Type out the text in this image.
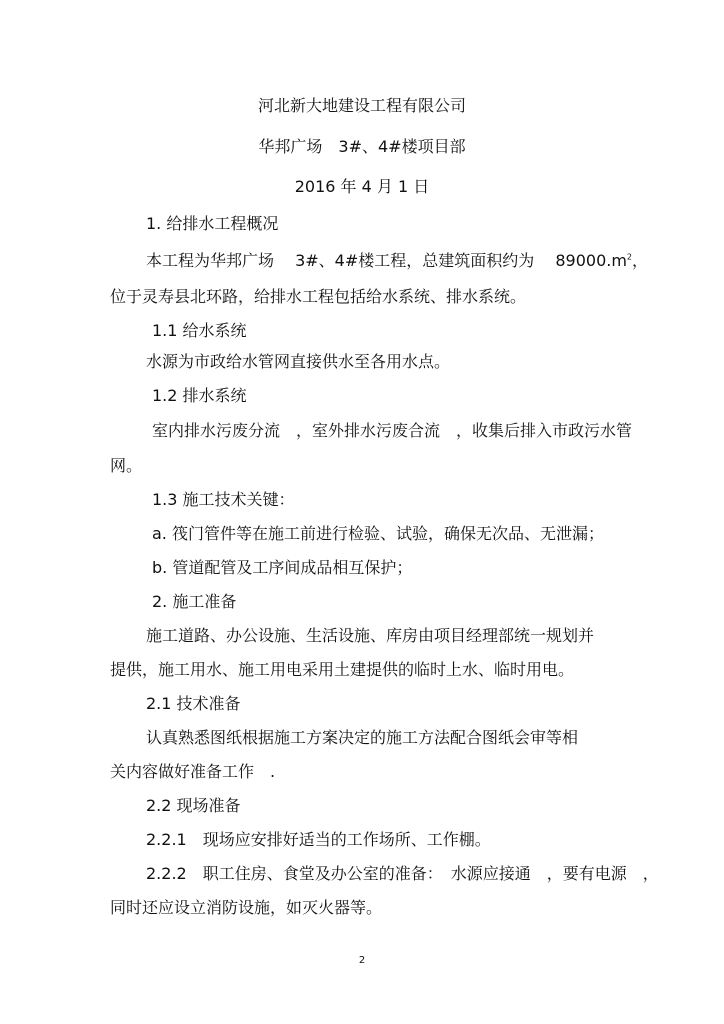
河北新大地建设工程有限公司
华邦广场　3#、4#楼项目部
2016 年 4 月 1 日
1. 给排水工程概况
本工程为华邦广场　 3#、4#楼工程，总建筑面积约为　 $89000.m^2$，
位于灵寿县北环路，给排水工程包括给水系统、排水系统。
1.1 给水系统
水源为市政给水管网直接供水至各用水点。
1.2 排水系统
室内排水污废分流　，室外排水污废合流　，收集后排入市政污水管
网。
1.3 施工技术关键：
a. 筏门管件等在施工前进行检验、试验，确保无次品、无泄漏；
b. 管道配管及工序间成品相互保护；
2. 施工准备
施工道路、办公设施、生活设施、库房由项目经理部统一规划并
提供，施工用水、施工用电采用土建提供的临时上水、临时用电。
2.1 技术准备
认真熟悉图纸根据施工方案决定的施工方法配合图纸会审等相
关内容做好准备工作　.
2.2 现场准备
2.2.1　现场应安排好适当的工作场所、工作棚。
2.2.2　职工住房、食堂及办公室的准备：　水源应接通　，要有电源　，
同时还应设立消防设施，如灭火器等。
2
